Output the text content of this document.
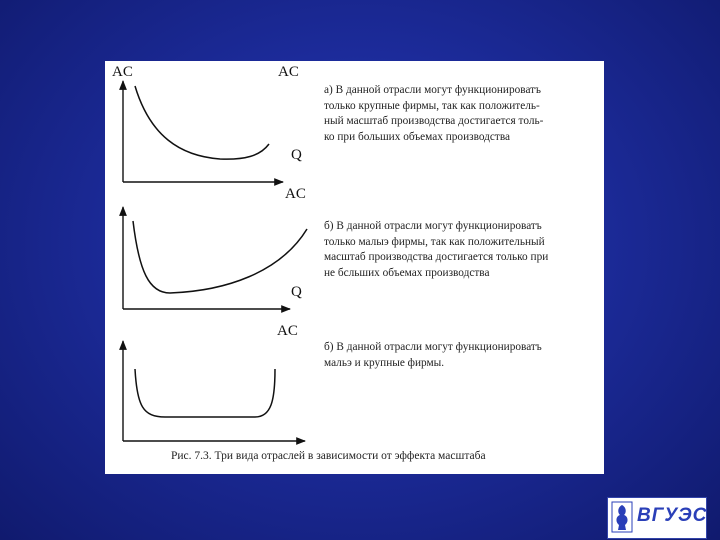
AC	AC
Q
а) В данной отрасли могут функционироватъ
только крупные фирмы, так как положитель-
ный масштаб производства достигается толь-
ко при больших объемах производства
AC
Q
б) В данной отрасли могут функционироватъ
только малыэ фирмы, так как положительный
масштаб производства достигается только при
не бсльших объемах производства
AC
б) В данной отрасли могут функционироватъ
мальэ и крупные фирмы.
Рис. 7.3. Три вида отраслей в зависимости от эффекта масштаба
ВГУЭС
